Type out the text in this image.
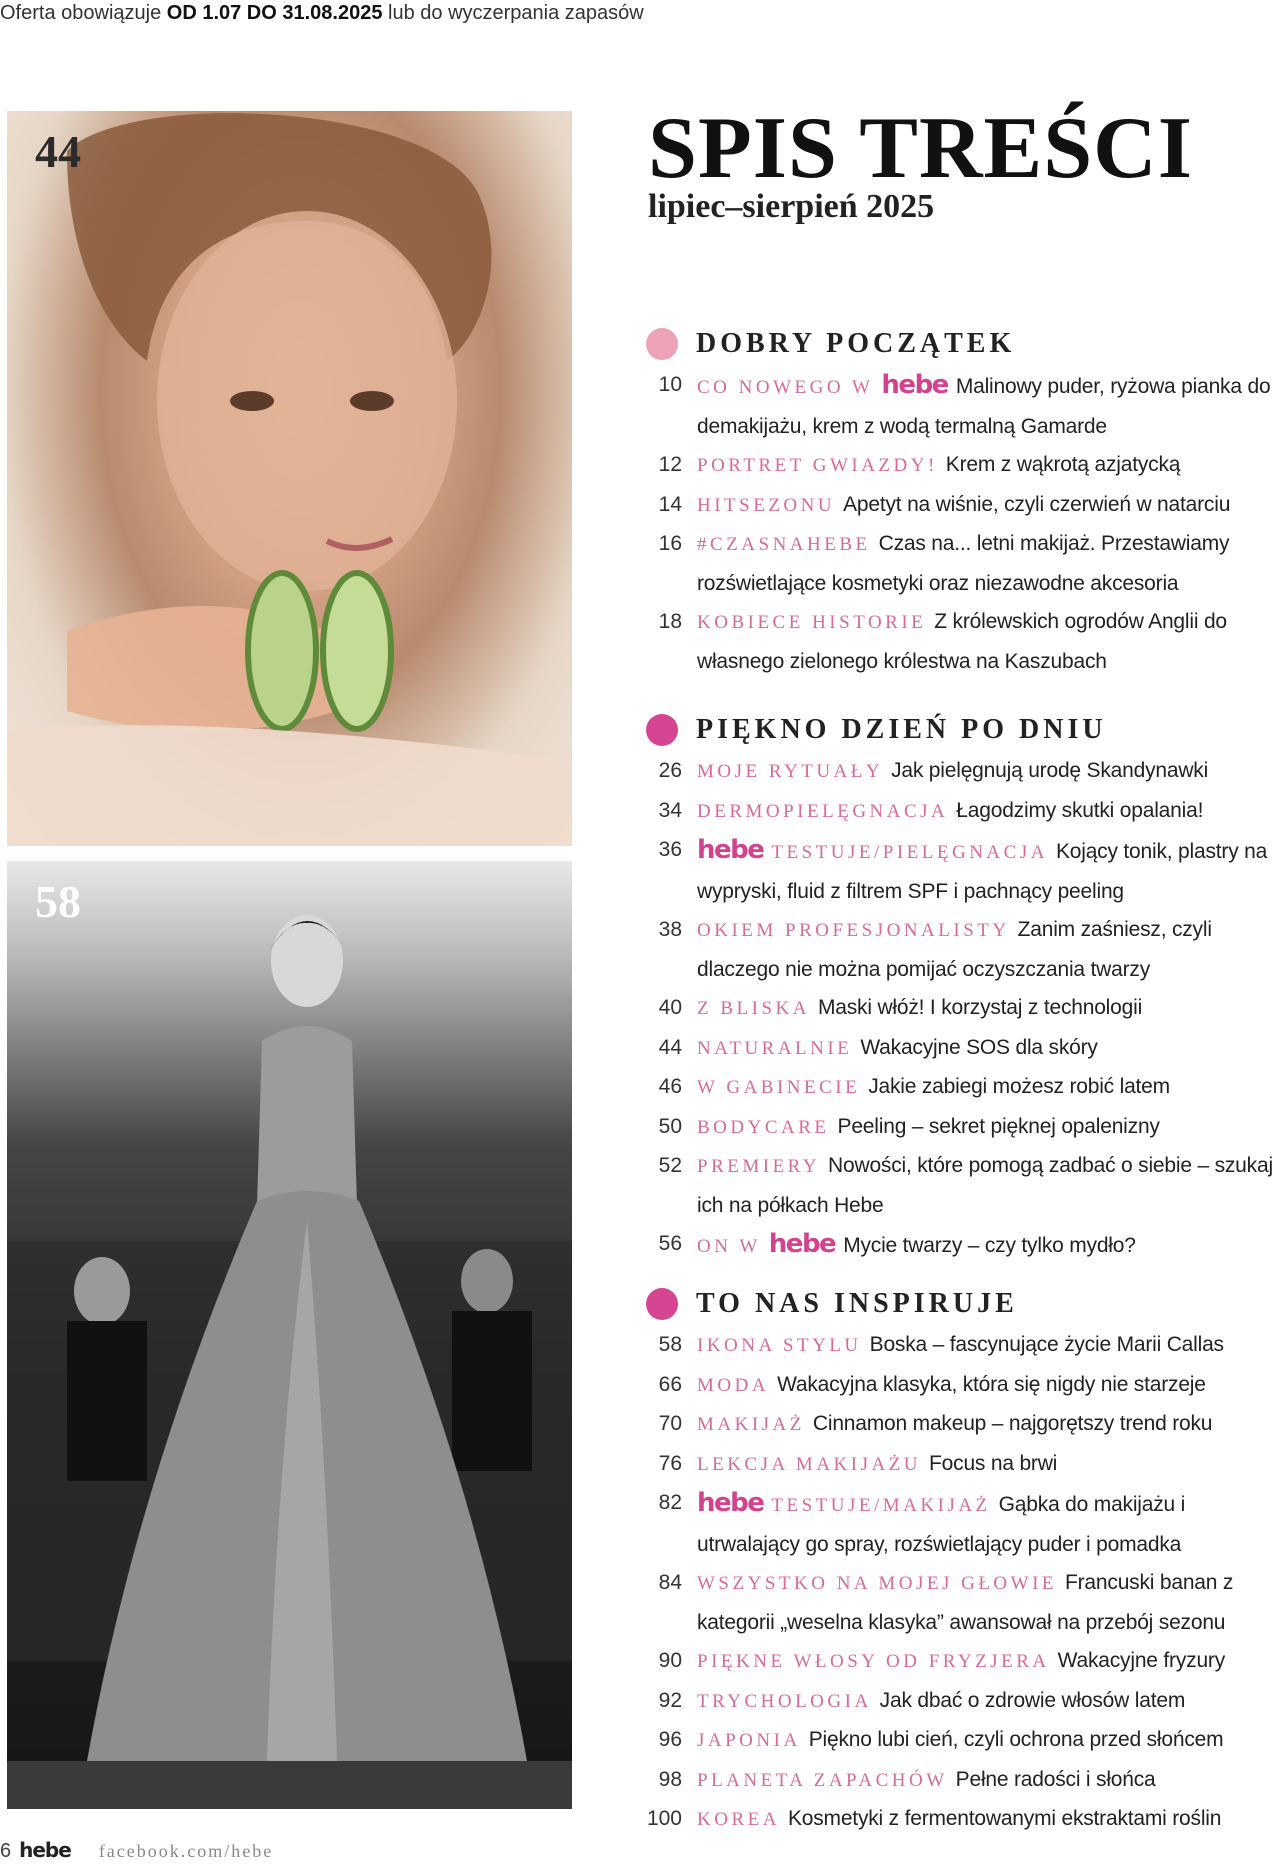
Oferta obowiązuje OD 1.07 DO 31.08.2025 lub do wyczerpania zapasów
44
58
SPIS TREŚCI
lipiec–sierpień 2025
DOBRY POCZĄTEK
10 CO NOWEGO W hebe Malinowy puder, ryżowa pianka do demakijażu, krem z wodą termalną Gamarde
12 PORTRET GWIAZDY! Krem z wąkrotą azjatycką
14 HITSEZONU Apetyt na wiśnie, czyli czerwień w natarciu
16 #CZASNAHEBE Czas na... letni makijaż. Przestawiamy rozświetlające kosmetyki oraz niezawodne akcesoria
18 KOBIECE HISTORIE Z królewskich ogrodów Anglii do własnego zielonego królestwa na Kaszubach
PIĘKNO DZIEŃ PO DNIU
26 MOJE RYTUAŁY Jak pielęgnują urodę Skandynawki
34 DERMOPIELĘGNACJA Łagodzimy skutki opalania!
36 hebe TESTUJE/PIELĘGNACJA Kojący tonik, plastry na wypryski, fluid z filtrem SPF i pachnący peeling
38 OKIEM PROFESJONALISTY Zanim zaśniesz, czyli dlaczego nie można pomijać oczyszczania twarzy
40 Z BLISKA Maski włóż! I korzystaj z technologii
44 NATURALNIE Wakacyjne SOS dla skóry
46 W GABINECIE Jakie zabiegi możesz robić latem
50 BODYCARE Peeling – sekret pięknej opalenizny
52 PREMIERY Nowości, które pomogą zadbać o siebie – szukaj ich na półkach Hebe
56 ON W hebe Mycie twarzy – czy tylko mydło?
TO NAS INSPIRUJE
58 IKONA STYLU Boska – fascynujące życie Marii Callas
66 MODA Wakacyjna klasyka, która się nigdy nie starzeje
70 MAKIJAŻ Cinnamon makeup – najgorętszy trend roku
76 LEKCJA MAKIJAŻU Focus na brwi
82 hebe TESTUJE/MAKIJAŻ Gąbka do makijażu i utrwalający go spray, rozświetlający puder i pomadka
84 WSZYSTKO NA MOJEJ GŁOWIE Francuski banan z kategorii „weselna klasyka” awansował na przebój sezonu
90 PIĘKNE WŁOSY OD FRYZJERA Wakacyjne fryzury
92 TRYCHOLOGIA Jak dbać o zdrowie włosów latem
96 JAPONIA Piękno lubi cień, czyli ochrona przed słońcem
98 PLANETA ZAPACHÓW Pełne radości i słońca
100 KOREA Kosmetyki z fermentowanymi ekstraktami roślin
6 hebe facebook.com/hebe
